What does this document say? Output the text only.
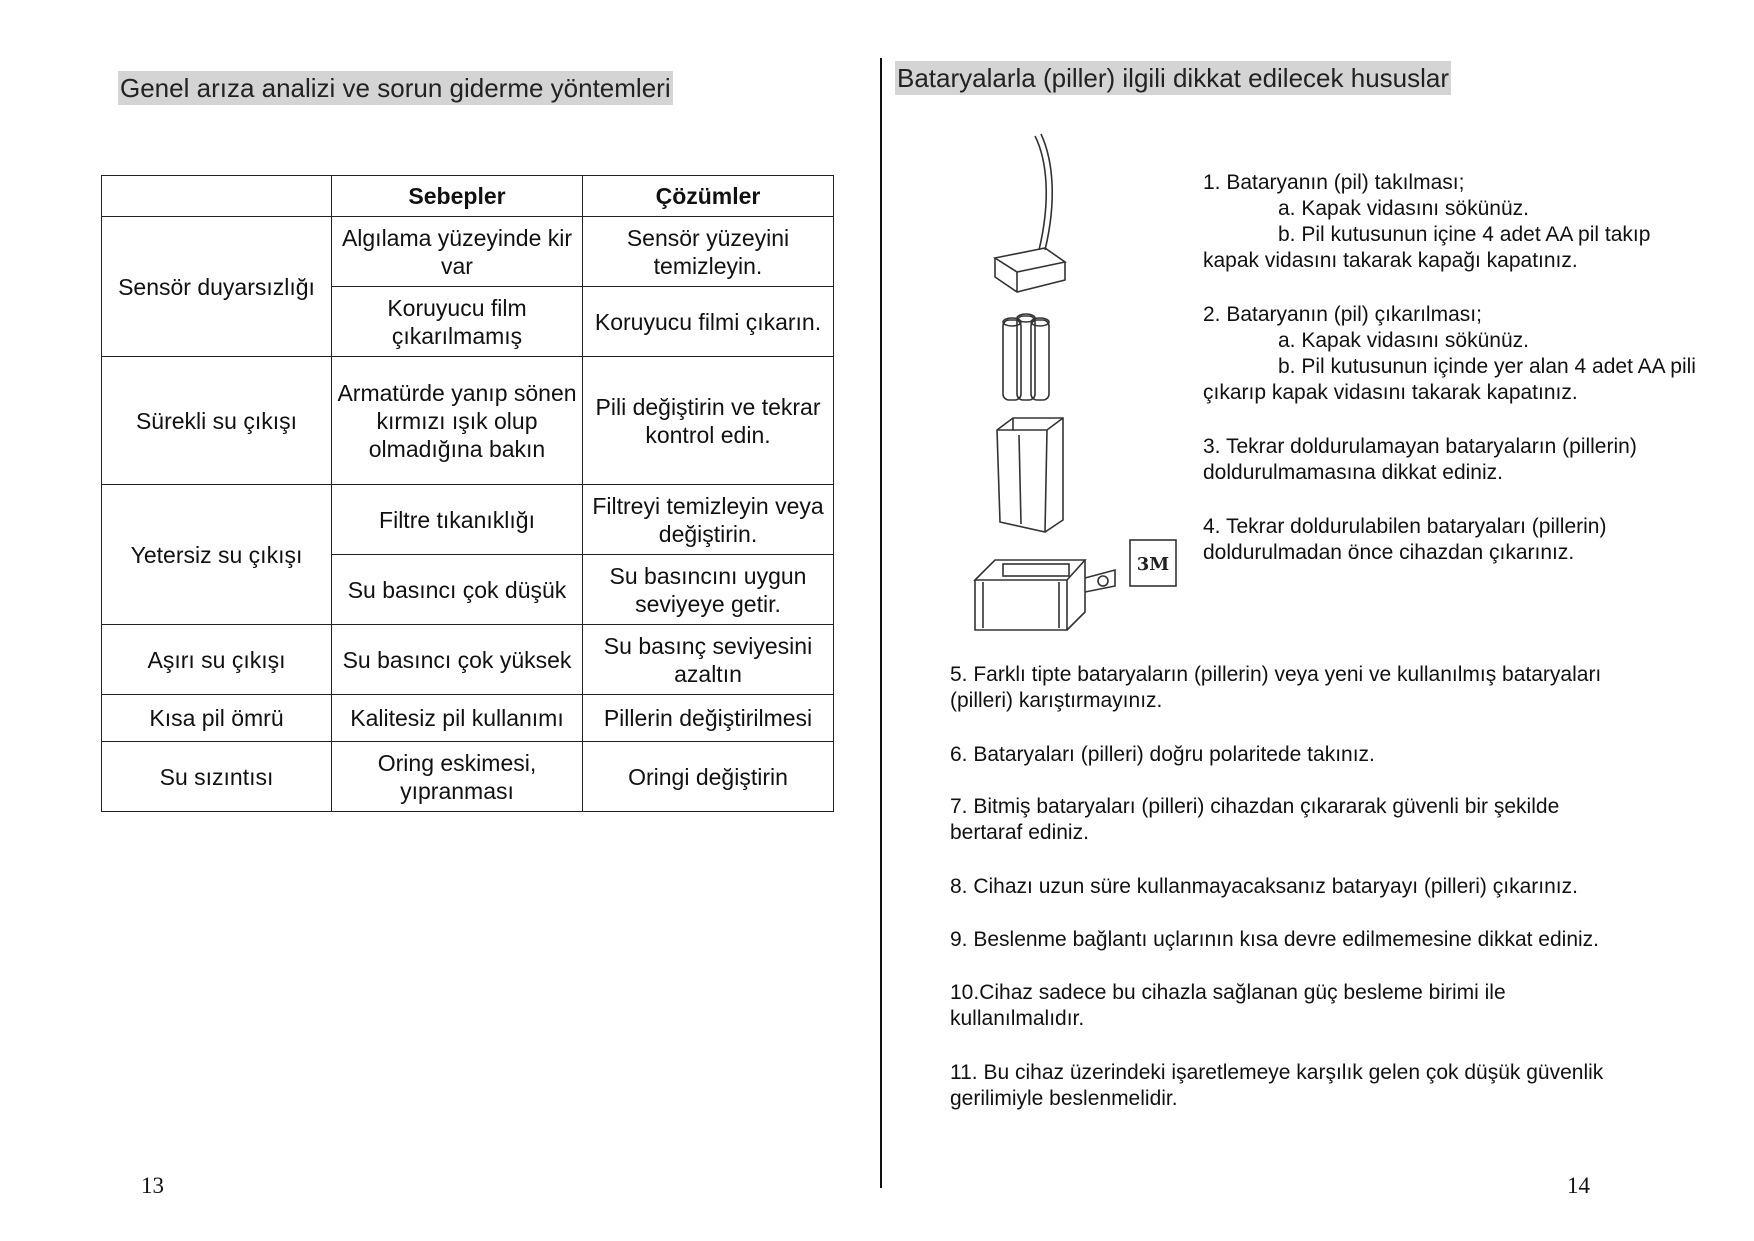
Genel arıza analizi ve sorun giderme yöntemleri
	Sebepler	Çözümler
Sensör duyarsızlığı	Algılama yüzeyinde kir var	Sensör yüzeyini temizleyin.
	Koruyucu film çıkarılmamış	Koruyucu filmi çıkarın.
Sürekli su çıkışı	Armatürde yanıp sönen kırmızı ışık olup olmadığına bakın	Pili değiştirin ve tekrar kontrol edin.
Yetersiz su çıkışı	Filtre tıkanıklığı	Filtreyi temizleyin veya değiştirin.
	Su basıncı çok düşük	Su basıncını uygun seviyeye getir.
Aşırı su çıkışı	Su basıncı çok yüksek	Su basınç seviyesini azaltın
Kısa pil ömrü	Kalitesiz pil kullanımı	Pillerin değiştirilmesi
Su sızıntısı	Oring eskimesi, yıpranması	Oringi değiştirin
13
Bataryalarla (piller) ilgili dikkat edilecek hususlar
3M
1. Bataryanın (pil) takılması;
a. Kapak vidasını sökünüz.
b. Pil kutusunun içine 4 adet AA pil takıp
kapak vidasını takarak kapağı kapatınız.
2. Bataryanın (pil) çıkarılması;
a. Kapak vidasını sökünüz.
b. Pil kutusunun içinde yer alan 4 adet AA pili
çıkarıp kapak vidasını takarak kapatınız.
3. Tekrar doldurulamayan bataryaların (pillerin)
doldurulmamasına dikkat ediniz.
4. Tekrar doldurulabilen bataryaları (pillerin)
doldurulmadan önce cihazdan çıkarınız.
5. Farklı tipte bataryaların (pillerin) veya yeni ve kullanılmış bataryaları
(pilleri) karıştırmayınız.
6. Bataryaları (pilleri) doğru polaritede takınız.
7. Bitmiş bataryaları (pilleri) cihazdan çıkararak güvenli bir şekilde
bertaraf ediniz.
8. Cihazı uzun süre kullanmayacaksanız bataryayı (pilleri) çıkarınız.
9. Beslenme bağlantı uçlarının kısa devre edilmemesine dikkat ediniz.
10.Cihaz sadece bu cihazla sağlanan güç besleme birimi ile
kullanılmalıdır.
11. Bu cihaz üzerindeki işaretlemeye karşılık gelen çok düşük güvenlik
gerilimiyle beslenmelidir.
14
